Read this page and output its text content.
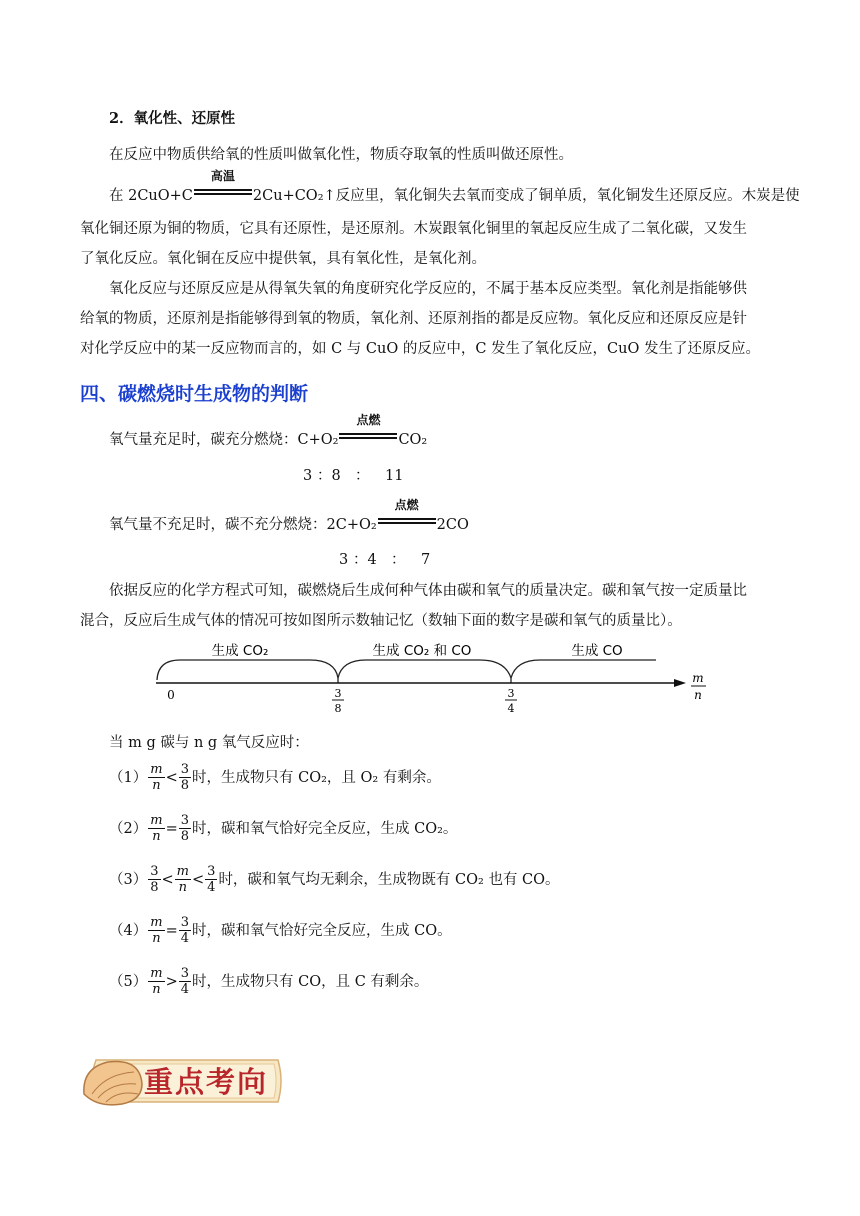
2．氧化性、还原性
在反应中物质供给氧的性质叫做氧化性，物质夺取氧的性质叫做还原性。
在 2CuO+C
高温
2Cu+CO₂↑反应里，氧化铜失去氧而变成了铜单质，氧化铜发生还原反应。木炭是使
氧化铜还原为铜的物质，它具有还原性，是还原剂。木炭跟氧化铜里的氧起反应生成了二氧化碳，又发生
了氧化反应。氧化铜在反应中提供氧，具有氧化性，是氧化剂。
氧化反应与还原反应是从得氧失氧的角度研究化学反应的，不属于基本反应类型。氧化剂是指能够供
给氧的物质，还原剂是指能够得到氧的物质，氧化剂、还原剂指的都是反应物。氧化反应和还原反应是针
对化学反应中的某一反应物而言的，如 C 与 CuO 的反应中，C 发生了氧化反应，CuO 发生了还原反应。
四、碳燃烧时生成物的判断
氧气量充足时，碳充分燃烧：C+O₂
点燃
CO₂
3 ：8 ： 11
氧气量不充足时，碳不充分燃烧：2C+O₂
点燃
2CO
3 ：4 ： 7
依据反应的化学方程式可知，碳燃烧后生成何种气体由碳和氧气的质量决定。碳和氧气按一定质量比
混合，反应后生成气体的情况可按如图所示数轴记忆（数轴下面的数字是碳和氧气的质量比）。
生成 CO₂	生成 CO₂ 和 CO	生成 CO
0	3
8
3
4
m
n
当 m g 碳与 n g 氧气反应时：
$(1) \frac{m}{n} < \frac{3}{8}$ 时，生成物只有 CO₂，且 O₂ 有剩余。
$(2) \frac{m}{n} = \frac{3}{8}$ 时，碳和氧气恰好完全反应，生成 CO₂。
$(3) \frac{3}{8} < \frac{m}{n} < \frac{3}{4}$ 时，碳和氧气均无剩余，生成物既有 CO₂ 也有 CO。
$(4) \frac{m}{n} = \frac{3}{4}$ 时，碳和氧气恰好完全反应，生成 CO。
$(5) \frac{m}{n} > \frac{3}{4}$ 时，生成物只有 CO，且 C 有剩余。
重点考向
